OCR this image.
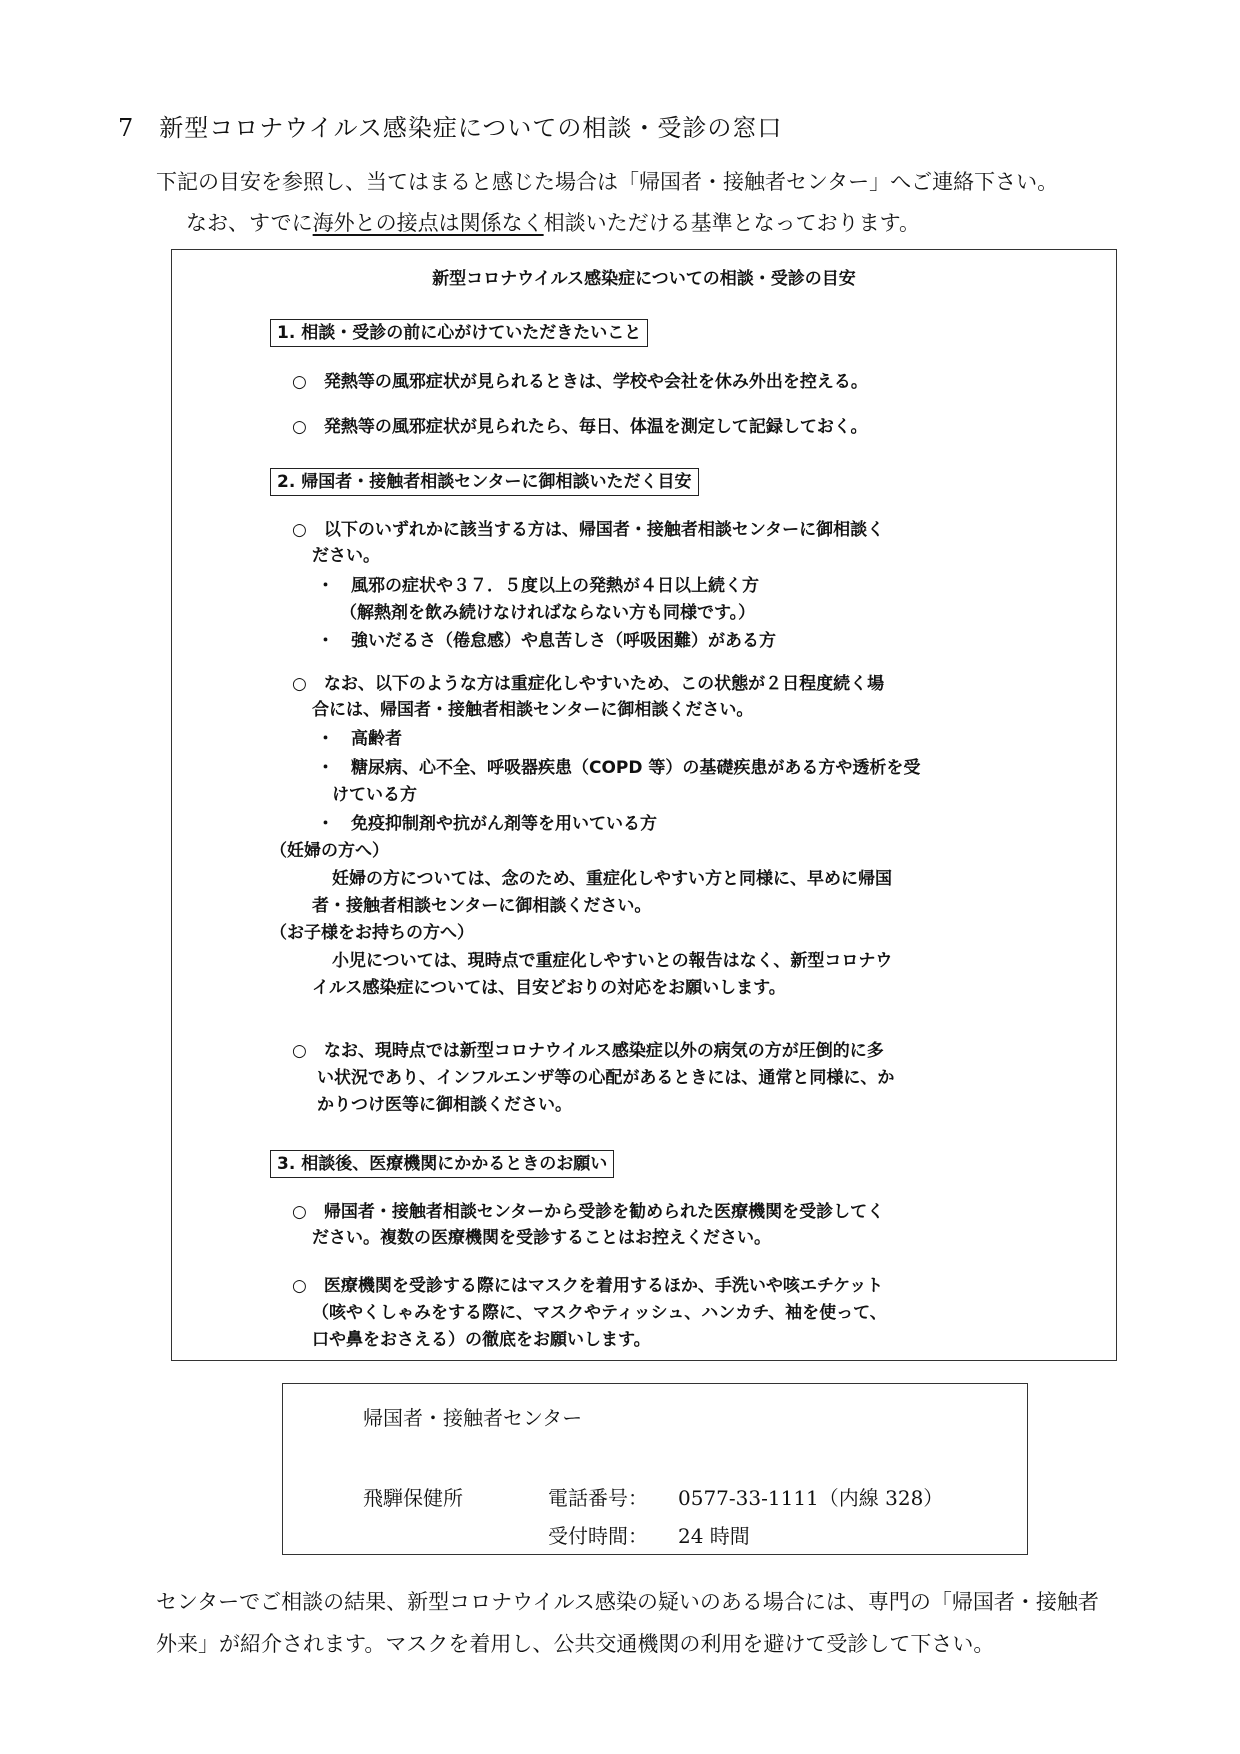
7　新型コロナウイルス感染症についての相談・受診の窓口
下記の目安を参照し、当てはまると感じた場合は「帰国者・接触者センター」へご連絡下さい。
なお、すでに海外との接点は関係なく相談いただける基準となっております。
新型コロナウイルス感染症についての相談・受診の目安
1. 相談・受診の前に心がけていただきたいこと
○　発熱等の風邪症状が見られるときは、学校や会社を休み外出を控える。
○　発熱等の風邪症状が見られたら、毎日、体温を測定して記録しておく。
2. 帰国者・接触者相談センターに御相談いただく目安
○　以下のいずれかに該当する方は、帰国者・接触者相談センターに御相談く
ださい。
・　風邪の症状や３７．５度以上の発熱が４日以上続く方
（解熱剤を飲み続けなければならない方も同様です。）
・　強いだるさ（倦怠感）や息苦しさ（呼吸困難）がある方
○　なお、以下のような方は重症化しやすいため、この状態が２日程度続く場
合には、帰国者・接触者相談センターに御相談ください。
・　高齢者
・　糖尿病、心不全、呼吸器疾患（COPD 等）の基礎疾患がある方や透析を受
けている方
・　免疫抑制剤や抗がん剤等を用いている方
（妊婦の方へ）
妊婦の方については、念のため、重症化しやすい方と同様に、早めに帰国
者・接触者相談センターに御相談ください。
（お子様をお持ちの方へ）
小児については、現時点で重症化しやすいとの報告はなく、新型コロナウ
イルス感染症については、目安どおりの対応をお願いします。
○　なお、現時点では新型コロナウイルス感染症以外の病気の方が圧倒的に多
い状況であり、インフルエンザ等の心配があるときには、通常と同様に、か
かりつけ医等に御相談ください。
3. 相談後、医療機関にかかるときのお願い
○　帰国者・接触者相談センターから受診を勧められた医療機関を受診してく
ださい。複数の医療機関を受診することはお控えください。
○　医療機関を受診する際にはマスクを着用するほか、手洗いや咳エチケット
（咳やくしゃみをする際に、マスクやティッシュ、ハンカチ、袖を使って、
口や鼻をおさえる）の徹底をお願いします。
帰国者・接触者センター
飛騨保健所	電話番号： 0577-33-1111（内線 328）
受付時間： 24 時間
センターでご相談の結果、新型コロナウイルス感染の疑いのある場合には、専門の「帰国者・接触者
外来」が紹介されます。マスクを着用し、公共交通機関の利用を避けて受診して下さい。
